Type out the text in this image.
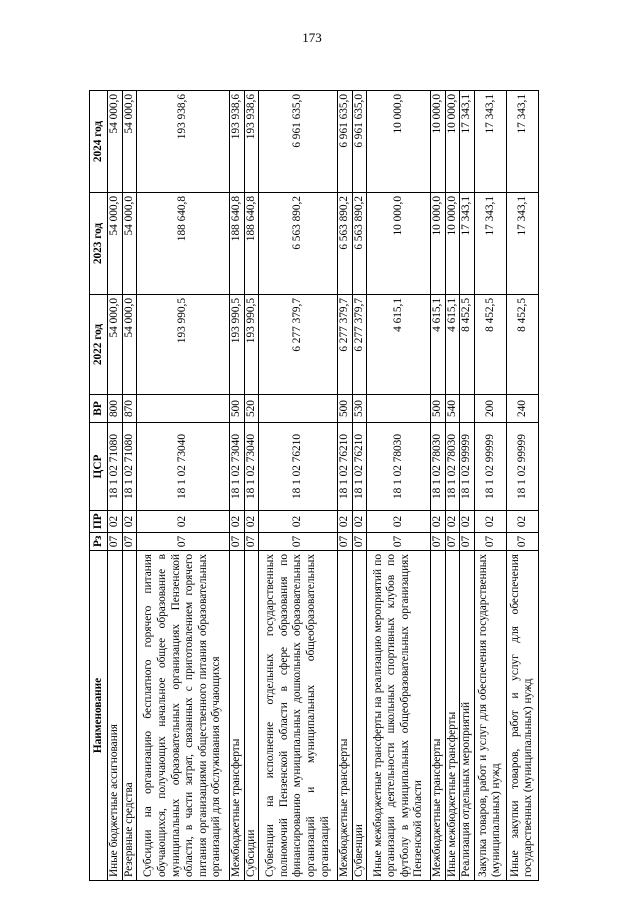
173
Наименование	Рз	ПР	ЦСР	ВР	2022 год	2023 год	2024 год
Иные бюджетные ассигнования	07	02	18 1 02 71080	800	54 000,0	54 000,0	54 000,0
Резервные средства	07	02	18 1 02 71080	870	54 000,0	54 000,0	54 000,0
Субсидии на организацию бесплатного горячего питания обучающихся, получающих начальное общее образование в муниципальных образовательных организациях Пензенской области, в части затрат, связанных с приготовлением горячего питания организациями общественного питания образовательных организаций для обслуживания обучающихся	07	02	18 1 02 73040		193 990,5	188 640,8	193 938,6
Межбюджетные трансферты	07	02	18 1 02 73040	500	193 990,5	188 640,8	193 938,6
Субсидии	07	02	18 1 02 73040	520	193 990,5	188 640,8	193 938,6
Субвенции на исполнение отдельных государственных полномочий Пензенской области в сфере образования по финансированию муниципальных дошкольных образовательных организаций и муниципальных общеобразовательных организаций	07	02	18 1 02 76210		6 277 379,7	6 563 890,2	6 961 635,0
Межбюджетные трансферты	07	02	18 1 02 76210	500	6 277 379,7	6 563 890,2	6 961 635,0
Субвенции	07	02	18 1 02 76210	530	6 277 379,7	6 563 890,2	6 961 635,0
Иные межбюджетные трансферты на реализацию мероприятий по организации деятельности школьных спортивных клубов по футболу в муниципальных общеобразовательных организациях Пензенской области	07	02	18 1 02 78030		4 615,1	10 000,0	10 000,0
Межбюджетные трансферты	07	02	18 1 02 78030	500	4 615,1	10 000,0	10 000,0
Иные межбюджетные трансферты	07	02	18 1 02 78030	540	4 615,1	10 000,0	10 000,0
Реализация отдельных мероприятий	07	02	18 1 02 99999		8 452,5	17 343,1	17 343,1
Закупка товаров, работ и услуг для обеспечения государственных (муниципальных) нужд	07	02	18 1 02 99999	200	8 452,5	17 343,1	17 343,1
Иные закупки товаров, работ и услуг для обеспечения государственных (муниципальных) нужд	07	02	18 1 02 99999	240	8 452,5	17 343,1	17 343,1
